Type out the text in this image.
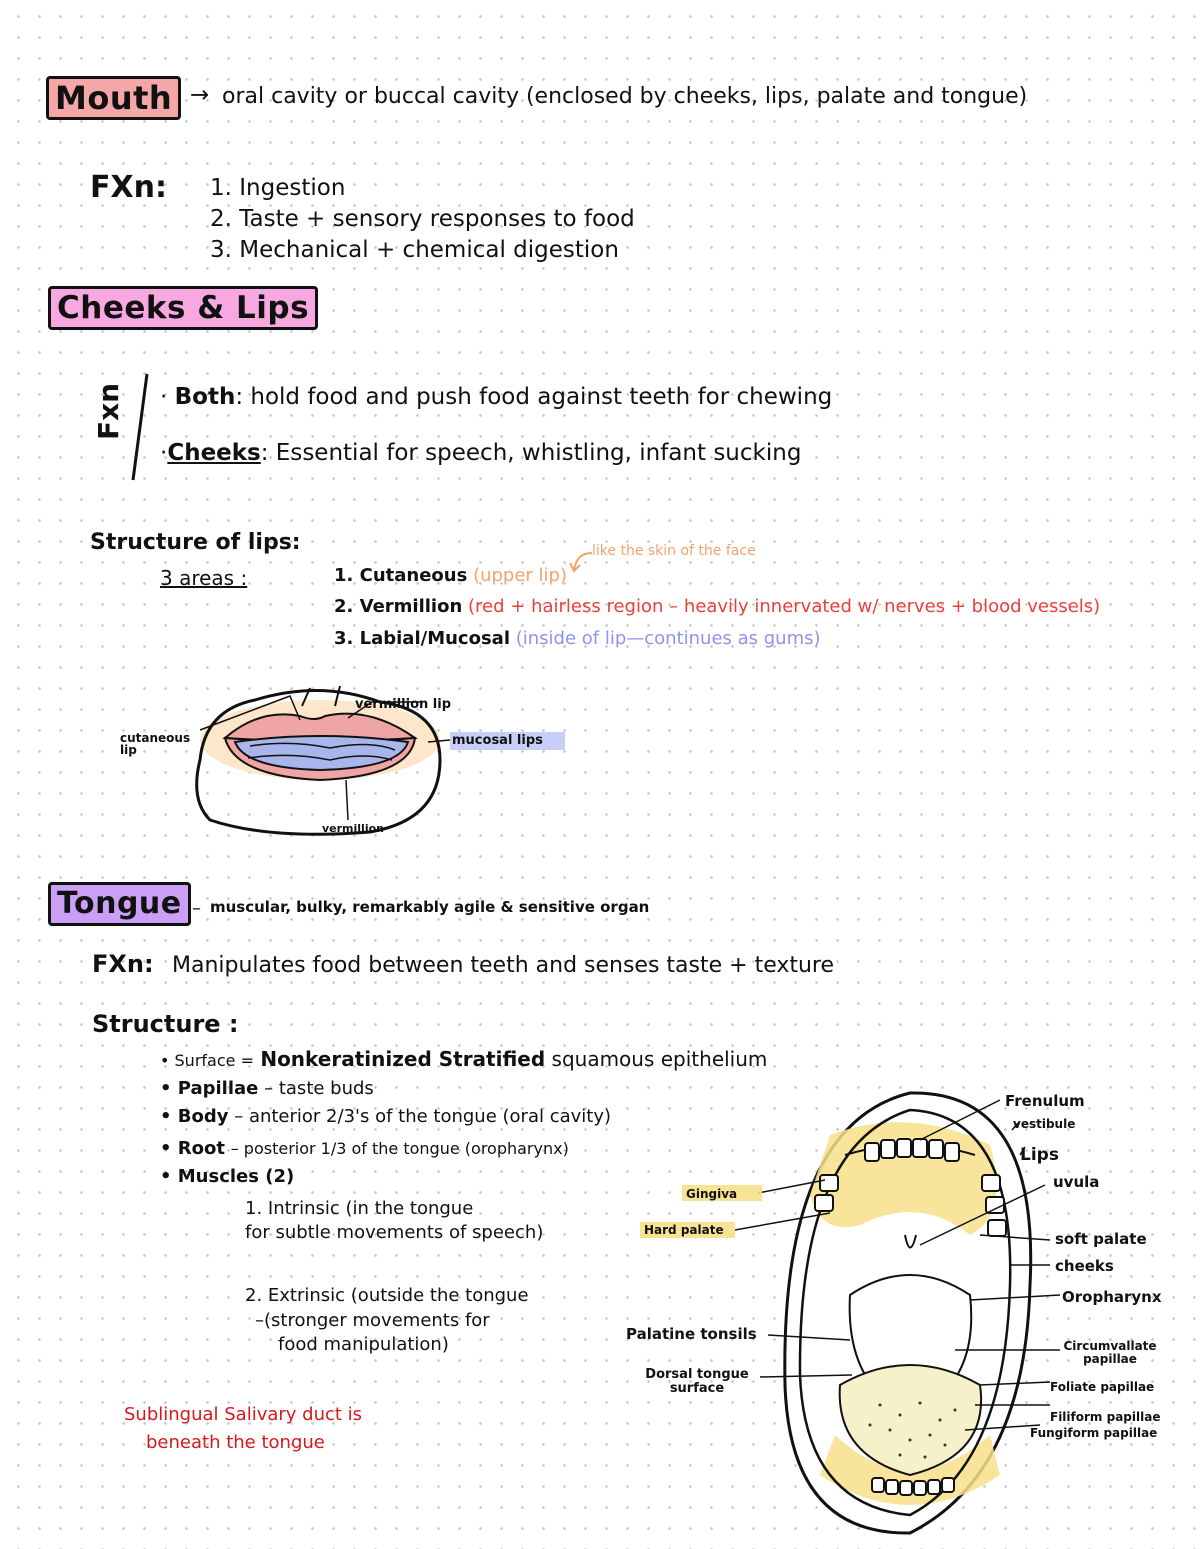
Mouth → oral cavity or buccal cavity (enclosed by cheeks, lips, palate and tongue)
FXn: 1. Ingestion
2. Taste + sensory responses to food
3. Mechanical + chemical digestion
Cheeks & Lips
Fxn · Both: hold food and push food against teeth for chewing
·Cheeks: Essential for speech, whistling, infant sucking
Structure of lips:
3 areas :
like the skin of the face
1. Cutaneous (upper lip)
2. Vermillion (red + hairless region – heavily innervated w/ nerves + blood vessels)
3. Labial/Mucosal (inside of lip—continues as gums)
cutaneous lip
vermillion lip
mucosal lips
vermillion
Tongue – muscular, bulky, remarkably agile & sensitive organ
FXn: Manipulates food between teeth and senses taste + texture
Structure :
• Surface = Nonkeratinized Stratified squamous epithelium
• Papillae – taste buds
• Body – anterior 2/3's of the tongue (oral cavity)
• Root – posterior 1/3 of the tongue (oropharynx)
• Muscles (2)
1. Intrinsic (in the tongue
for subtle movements of speech)
2. Extrinsic (outside the tongue
–(stronger movements for
food manipulation)
Sublingual Salivary duct is
beneath the tongue
Frenulum
vestibule
Lips
uvula
soft palate
cheeks
Oropharynx
Circumvallate papillae
Foliate papillae
Filiform papillae
Fungiform papillae
Gingiva
Hard palate
Palatine tonsils
Dorsal tongue surface
